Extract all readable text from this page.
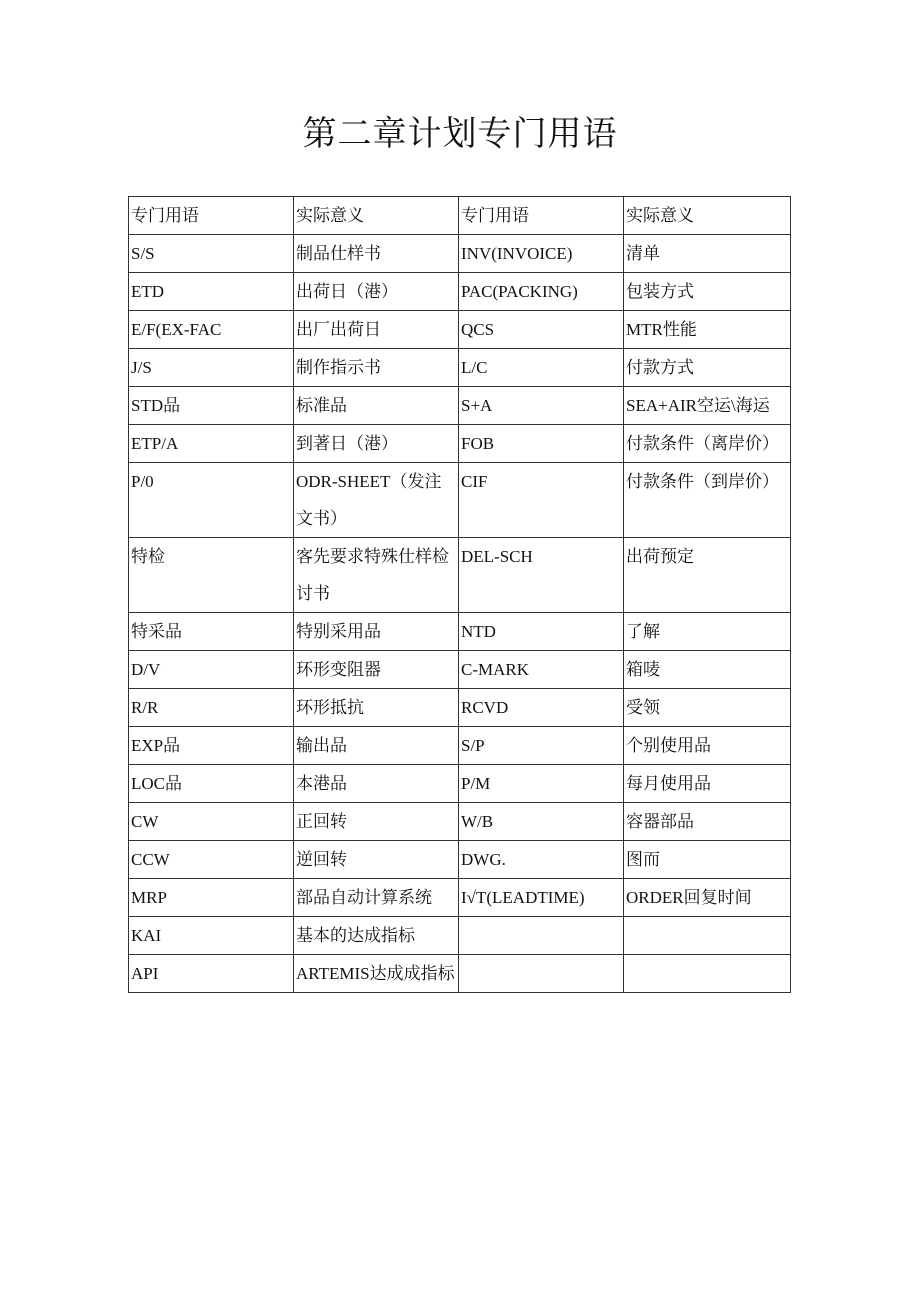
第二章计划专门用语
专门用语	实际意义	专门用语	实际意义
S/S	制品仕样书	INV(INVOICE)	清单
ETD	出荷日（港）	PAC(PACKING)	包装方式
E/F(EX-FAC	出厂出荷日	QCS	MTR性能
J/S	制作指示书	L/C	付款方式
STD品	标准品	S+A	SEA+AIR空运\海运
ETP/A	到著日（港）	FOB	付款条件（离岸价）
P/0	ODR-SHEET（发注文书）	CIF	付款条件（到岸价）
特检	客先要求特殊仕样检讨书	DEL-SCH	出荷预定
特采品	特别采用品	NTD	了解
D/V	环形变阻器	C-MARK	箱唛
R/R	环形抵抗	RCVD	受领
EXP品	输出品	S/P	个别使用品
LOC品	本港品	P/M	每月使用品
CW	正回转	W/B	容器部品
CCW	逆回转	DWG.	图而
MRP	部品自动计算系统	I√T(LEADTIME)	ORDER回复时间
KAI	基本的达成指标		
API	ARTEMIS达成成指标		
